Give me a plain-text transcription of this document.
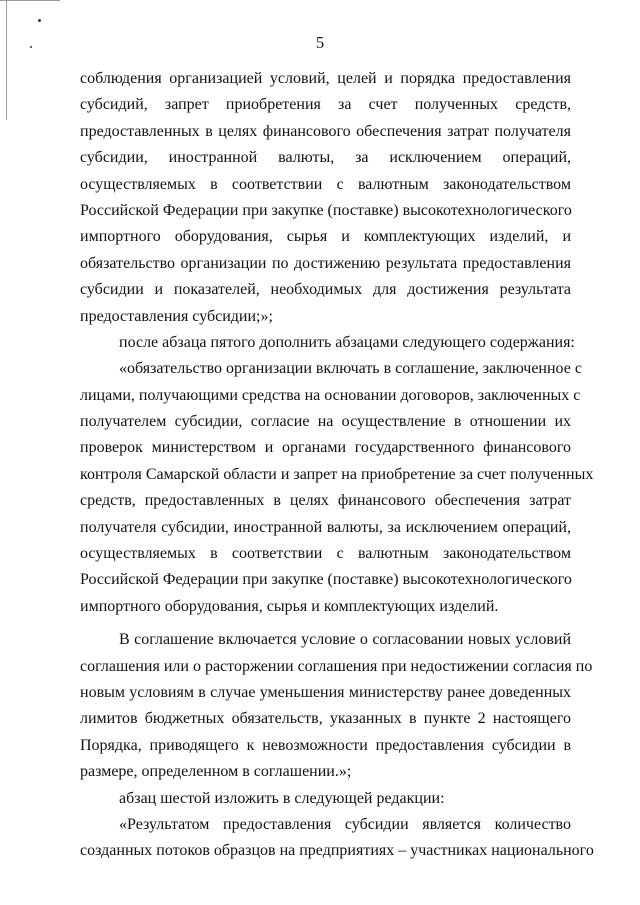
5
соблюдения организацией условий, целей и порядка предоставления
субсидий, запрет приобретения за счет полученных средств,
предоставленных в целях финансового обеспечения затрат получателя
субсидии, иностранной валюты, за исключением операций,
осуществляемых в соответствии с валютным законодательством
Российской Федерации при закупке (поставке) высокотехнологического
импортного оборудования, сырья и комплектующих изделий, и
обязательство организации по достижению результата предоставления
субсидии и показателей, необходимых для достижения результата
предоставления субсидии;»;
после абзаца пятого дополнить абзацами следующего содержания:
«обязательство организации включать в соглашение, заключенное с
лицами, получающими средства на основании договоров, заключенных с
получателем субсидии, согласие на осуществление в отношении их
проверок министерством и органами государственного финансового
контроля Самарской области и запрет на приобретение за счет полученных
средств, предоставленных в целях финансового обеспечения затрат
получателя субсидии, иностранной валюты, за исключением операций,
осуществляемых в соответствии с валютным законодательством
Российской Федерации при закупке (поставке) высокотехнологического
импортного оборудования, сырья и комплектующих изделий.
В соглашение включается условие о согласовании новых условий
соглашения или о расторжении соглашения при недостижении согласия по
новым условиям в случае уменьшения министерству ранее доведенных
лимитов бюджетных обязательств, указанных в пункте 2 настоящего
Порядка, приводящего к невозможности предоставления субсидии в
размере, определенном в соглашении.»;
абзац шестой изложить в следующей редакции:
«Результатом предоставления субсидии является количество
созданных потоков образцов на предприятиях – участниках национального
